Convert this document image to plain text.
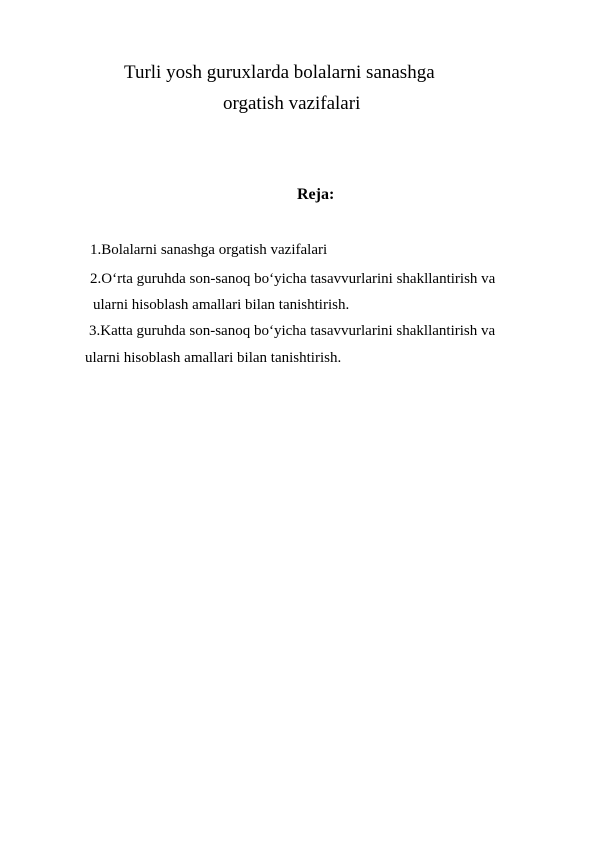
Turli yosh guruxlarda bolalarni sanashga
orgatish vazifalari
Reja:
1.Bolalarni sanashga orgatish vazifalari
2.O‘rta guruhda son-sanoq bo‘yicha tasavvurlarini shakllantirish va
ularni hisoblash amallari bilan tanishtirish.
3.Katta guruhda son-sanoq bo‘yicha tasavvurlarini shakllantirish va
ularni hisoblash amallari bilan tanishtirish.
